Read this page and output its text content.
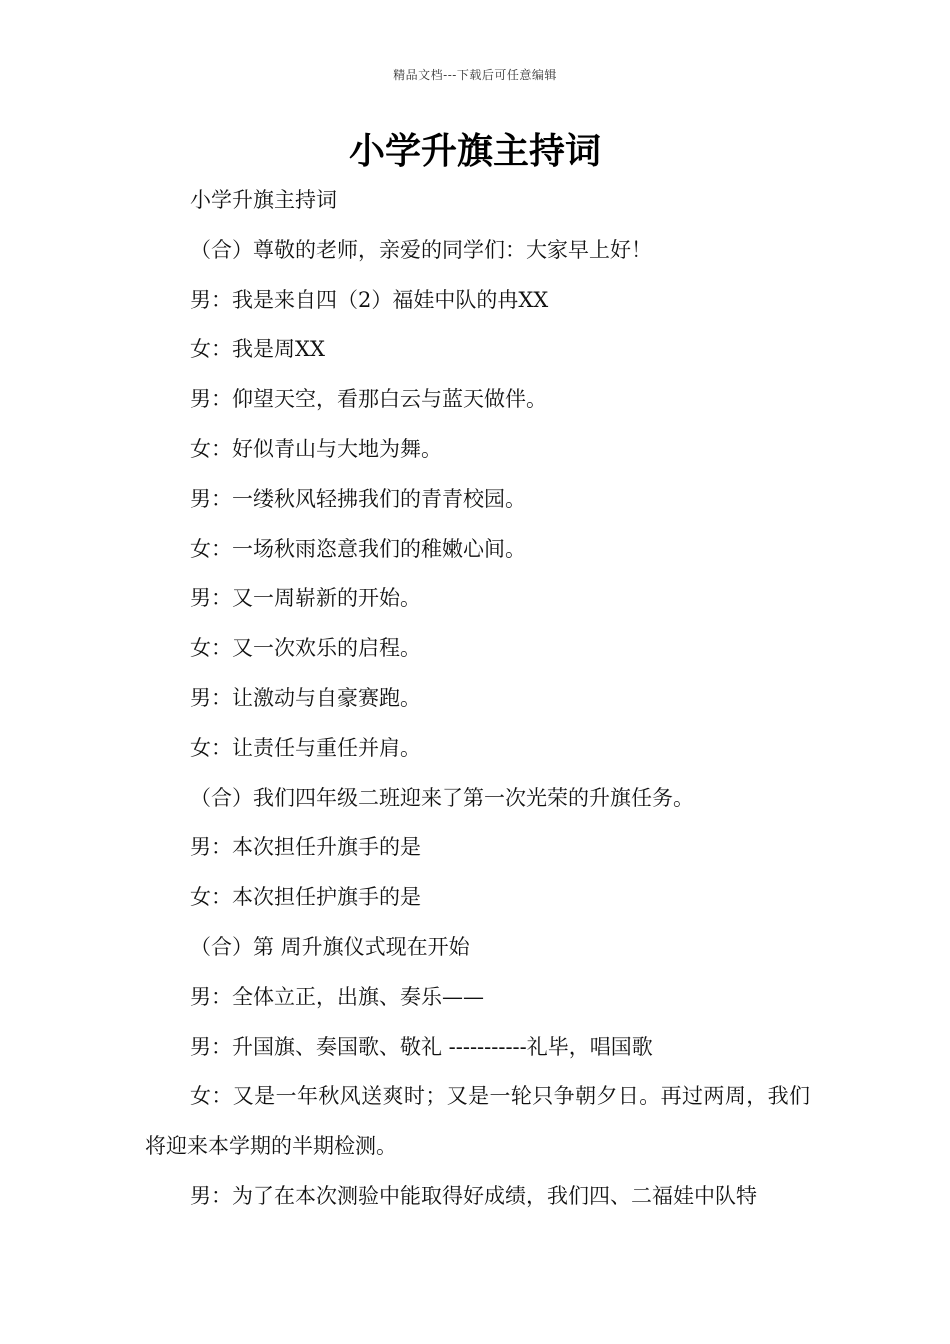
精品文档---下载后可任意编辑
小学升旗主持词

小学升旗主持词

（合）尊敬的老师，亲爱的同学们：大家早上好！

男：我是来自四（2）福娃中队的冉XX

女：我是周XX

男：仰望天空，看那白云与蓝天做伴。

女：好似青山与大地为舞。

男：一缕秋风轻拂我们的青青校园。

女：一场秋雨恣意我们的稚嫩心间。

男：又一周崭新的开始。

女：又一次欢乐的启程。

男：让激动与自豪赛跑。

女：让责任与重任并肩。

（合）我们四年级二班迎来了第一次光荣的升旗任务。

男：本次担任升旗手的是

女：本次担任护旗手的是

（合）第 周升旗仪式现在开始

男：全体立正，出旗、奏乐——

男：升国旗、奏国歌、敬礼 -----------礼毕，唱国歌

女：又是一年秋风送爽时；又是一轮只争朝夕日。再过两周，我们将迎来本学期的半期检测。

男：为了在本次测验中能取得好成绩，我们四、二福娃中队特
